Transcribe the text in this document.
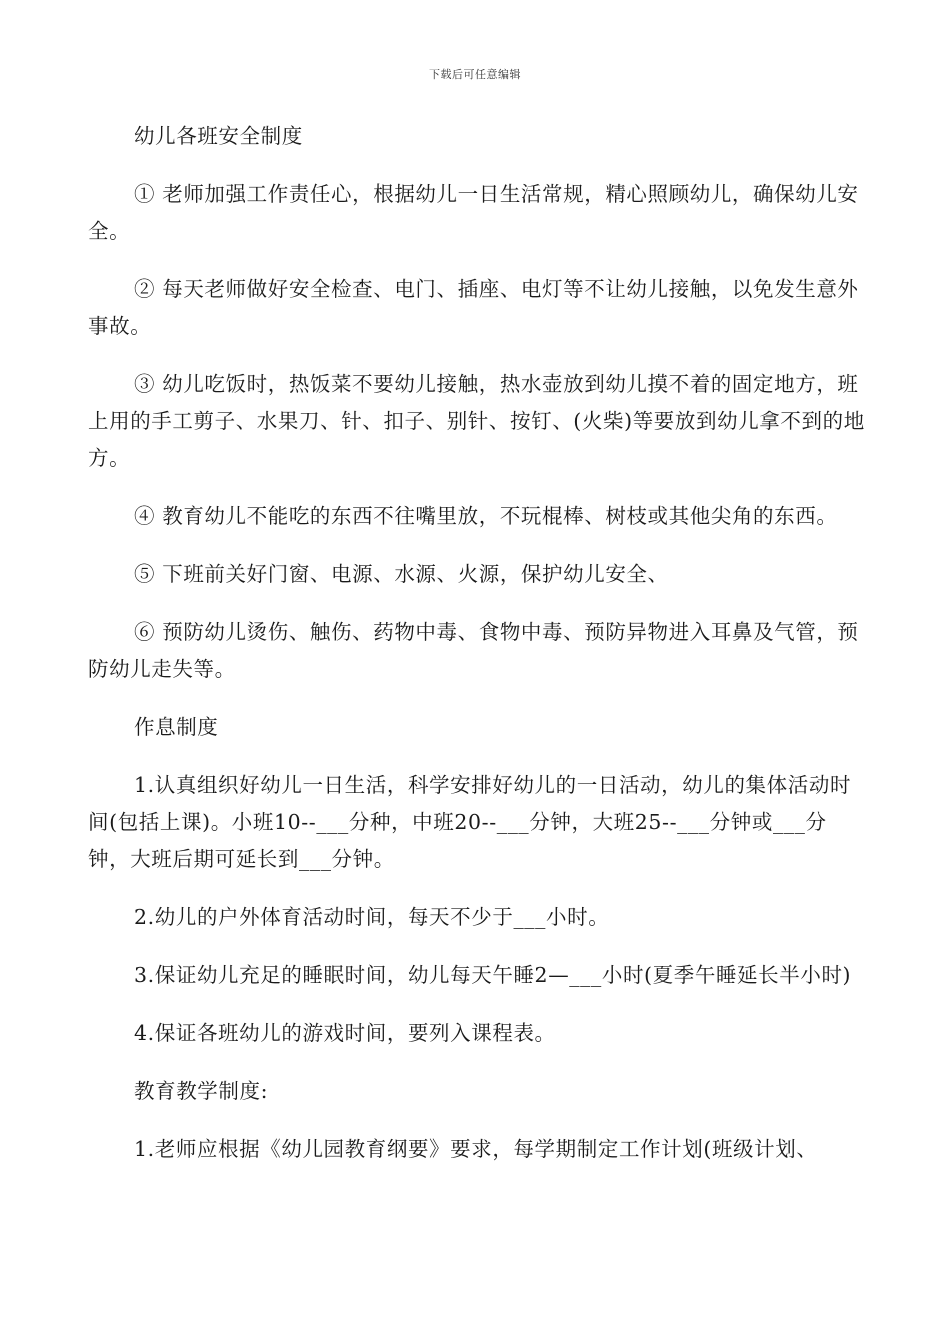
下载后可任意编辑

幼儿各班安全制度

① 老师加强工作责任心，根据幼儿一日生活常规，精心照顾幼儿，确保幼儿安全。

② 每天老师做好安全检查、电门、插座、电灯等不让幼儿接触，以免发生意外事故。

③ 幼儿吃饭时，热饭菜不要幼儿接触，热水壶放到幼儿摸不着的固定地方，班上用的手工剪子、水果刀、针、扣子、别针、按钉、(火柴)等要放到幼儿拿不到的地方。

④ 教育幼儿不能吃的东西不往嘴里放，不玩棍棒、树枝或其他尖角的东西。

⑤ 下班前关好门窗、电源、水源、火源，保护幼儿安全、

⑥ 预防幼儿烫伤、触伤、药物中毒、食物中毒、预防异物进入耳鼻及气管，预防幼儿走失等。

作息制度

1.认真组织好幼儿一日生活，科学安排好幼儿的一日活动，幼儿的集体活动时间(包括上课)。小班10--___分种，中班20--___分钟，大班25--___分钟或___分钟，大班后期可延长到___分钟。

2.幼儿的户外体育活动时间，每天不少于___小时。

3.保证幼儿充足的睡眠时间，幼儿每天午睡2—___小时(夏季午睡延长半小时)

4.保证各班幼儿的游戏时间，要列入课程表。

教育教学制度:

1.老师应根据《幼儿园教育纲要》要求，每学期制定工作计划(班级计划、
